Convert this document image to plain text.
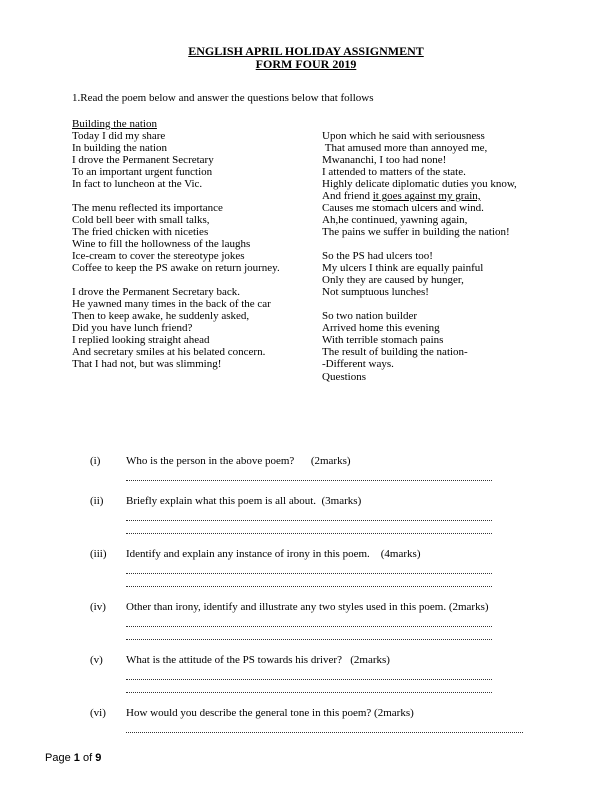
ENGLISH APRIL HOLIDAY ASSIGNMENT
FORM FOUR 2019
1.Read the poem below and answer the questions below that follows
Building the nation
Today I did my share
In building the nation
I drove the Permanent Secretary
To an important urgent function
In fact to luncheon at the Vic.
The menu reflected its importance
Cold bell beer with small talks,
The fried chicken with niceties
Wine to fill the hollowness of the laughs
Ice-cream to cover the stereotype jokes
Coffee to keep the PS awake on return journey.
I drove the Permanent Secretary back.
He yawned many times in the back of the car
Then to keep awake, he suddenly asked,
Did you have lunch friend?
I replied looking straight ahead
And secretary smiles at his belated concern.
That I had not, but was slimming!
Upon which he said with seriousness
That amused more than annoyed me,
Mwananchi, I too had none!
I attended to matters of the state.
Highly delicate diplomatic duties you know,
And friend it goes against my grain,
Causes me stomach ulcers and wind.
Ah,he continued, yawning again,
The pains we suffer in building the nation!
So the PS had ulcers too!
My ulcers I think are equally painful
Only they are caused by hunger,
Not sumptuous lunches!
So two nation builder
Arrived home this evening
With terrible stomach pains
The result of building the nation-
-Different ways.
Questions
(i)	Who is the person in the above poem?      (2marks)
(ii)	Briefly explain what this poem is all about.  (3marks)
(iii)	Identify and explain any instance of irony in this poem.    (4marks)
(iv)	Other than irony, identify and illustrate any two styles used in this poem. (2marks)
(v)	What is the attitude of the PS towards his driver?   (2marks)
(vi)	How would you describe the general tone in this poem? (2marks)
Page 1 of 9
